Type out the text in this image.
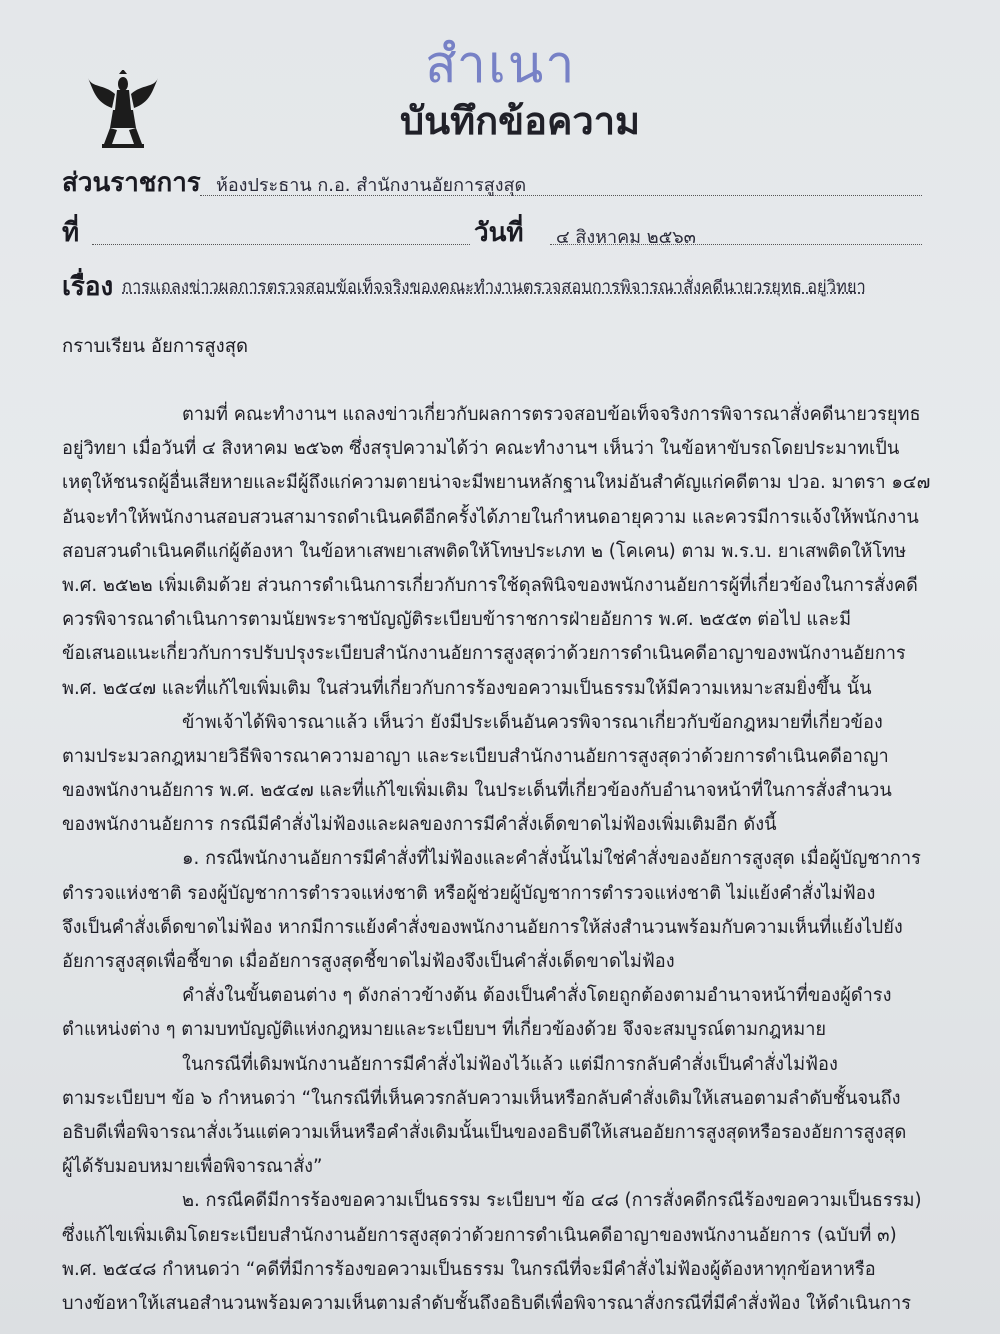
สำเนา
บันทึกข้อความ
ส่วนราชการ ห้องประธาน ก.อ. สำนักงานอัยการสูงสุด
ที่	วันที่ ๔ สิงหาคม ๒๕๖๓
เรื่อง การแถลงข่าวผลการตรวจสอบข้อเท็จจริงของคณะทำงานตรวจสอบการพิจารณาสั่งคดีนายวรยุทธ อยู่วิทยา
กราบเรียน อัยการสูงสุด
ตามที่ คณะทำงานฯ แถลงข่าวเกี่ยวกับผลการตรวจสอบข้อเท็จจริงการพิจารณาสั่งคดีนายวรยุทธ
อยู่วิทยา เมื่อวันที่ ๔ สิงหาคม ๒๕๖๓ ซึ่งสรุปความได้ว่า คณะทำงานฯ เห็นว่า ในข้อหาขับรถโดยประมาทเป็น
เหตุให้ชนรถผู้อื่นเสียหายและมีผู้ถึงแก่ความตายน่าจะมีพยานหลักฐานใหม่อันสำคัญแก่คดีตาม ปวอ. มาตรา ๑๔๗
อันจะทำให้พนักงานสอบสวนสามารถดำเนินคดีอีกครั้งได้ภายในกำหนดอายุความ และควรมีการแจ้งให้พนักงาน
สอบสวนดำเนินคดีแก่ผู้ต้องหา ในข้อหาเสพยาเสพติดให้โทษประเภท ๒ (โคเคน) ตาม พ.ร.บ. ยาเสพติดให้โทษ
พ.ศ. ๒๕๒๒ เพิ่มเติมด้วย ส่วนการดำเนินการเกี่ยวกับการใช้ดุลพินิจของพนักงานอัยการผู้ที่เกี่ยวข้องในการสั่งคดี
ควรพิจารณาดำเนินการตามนัยพระราชบัญญัติระเบียบข้าราชการฝ่ายอัยการ พ.ศ. ๒๕๕๓ ต่อไป และมี
ข้อเสนอแนะเกี่ยวกับการปรับปรุงระเบียบสำนักงานอัยการสูงสุดว่าด้วยการดำเนินคดีอาญาของพนักงานอัยการ
พ.ศ. ๒๕๔๗ และที่แก้ไขเพิ่มเติม ในส่วนที่เกี่ยวกับการร้องขอความเป็นธรรมให้มีความเหมาะสมยิ่งขึ้น นั้น
ข้าพเจ้าได้พิจารณาแล้ว เห็นว่า ยังมีประเด็นอันควรพิจารณาเกี่ยวกับข้อกฎหมายที่เกี่ยวข้อง
ตามประมวลกฎหมายวิธีพิจารณาความอาญา และระเบียบสำนักงานอัยการสูงสุดว่าด้วยการดำเนินคดีอาญา
ของพนักงานอัยการ พ.ศ. ๒๕๔๗ และที่แก้ไขเพิ่มเติม ในประเด็นที่เกี่ยวข้องกับอำนาจหน้าที่ในการสั่งสำนวน
ของพนักงานอัยการ กรณีมีคำสั่งไม่ฟ้องและผลของการมีคำสั่งเด็ดขาดไม่ฟ้องเพิ่มเติมอีก ดังนี้
๑. กรณีพนักงานอัยการมีคำสั่งที่ไม่ฟ้องและคำสั่งนั้นไม่ใช่คำสั่งของอัยการสูงสุด เมื่อผู้บัญชาการ
ตำรวจแห่งชาติ รองผู้บัญชาการตำรวจแห่งชาติ หรือผู้ช่วยผู้บัญชาการตำรวจแห่งชาติ ไม่แย้งคำสั่งไม่ฟ้อง
จึงเป็นคำสั่งเด็ดขาดไม่ฟ้อง หากมีการแย้งคำสั่งของพนักงานอัยการให้ส่งสำนวนพร้อมกับความเห็นที่แย้งไปยัง
อัยการสูงสุดเพื่อชี้ขาด เมื่ออัยการสูงสุดชี้ขาดไม่ฟ้องจึงเป็นคำสั่งเด็ดขาดไม่ฟ้อง
คำสั่งในขั้นตอนต่าง ๆ ดังกล่าวข้างต้น ต้องเป็นคำสั่งโดยถูกต้องตามอำนาจหน้าที่ของผู้ดำรง
ตำแหน่งต่าง ๆ ตามบทบัญญัติแห่งกฎหมายและระเบียบฯ ที่เกี่ยวข้องด้วย จึงจะสมบูรณ์ตามกฎหมาย
ในกรณีที่เดิมพนักงานอัยการมีคำสั่งไม่ฟ้องไว้แล้ว แต่มีการกลับคำสั่งเป็นคำสั่งไม่ฟ้อง
ตามระเบียบฯ ข้อ ๖ กำหนดว่า “ในกรณีที่เห็นควรกลับความเห็นหรือกลับคำสั่งเดิมให้เสนอตามลำดับชั้นจนถึง
อธิบดีเพื่อพิจารณาสั่งเว้นแต่ความเห็นหรือคำสั่งเดิมนั้นเป็นของอธิบดีให้เสนออัยการสูงสุดหรือรองอัยการสูงสุด
ผู้ได้รับมอบหมายเพื่อพิจารณาสั่ง”
๒. กรณีคดีมีการร้องขอความเป็นธรรม ระเบียบฯ ข้อ ๔๘ (การสั่งคดีกรณีร้องขอความเป็นธรรม)
ซึ่งแก้ไขเพิ่มเติมโดยระเบียบสำนักงานอัยการสูงสุดว่าด้วยการดำเนินคดีอาญาของพนักงานอัยการ (ฉบับที่ ๓)
พ.ศ. ๒๕๔๘ กำหนดว่า “คดีที่มีการร้องขอความเป็นธรรม ในกรณีที่จะมีคำสั่งไม่ฟ้องผู้ต้องหาทุกข้อหาหรือ
บางข้อหาให้เสนอสำนวนพร้อมความเห็นตามลำดับชั้นถึงอธิบดีเพื่อพิจารณาสั่งกรณีที่มีคำสั่งฟ้อง ให้ดำเนินการ
